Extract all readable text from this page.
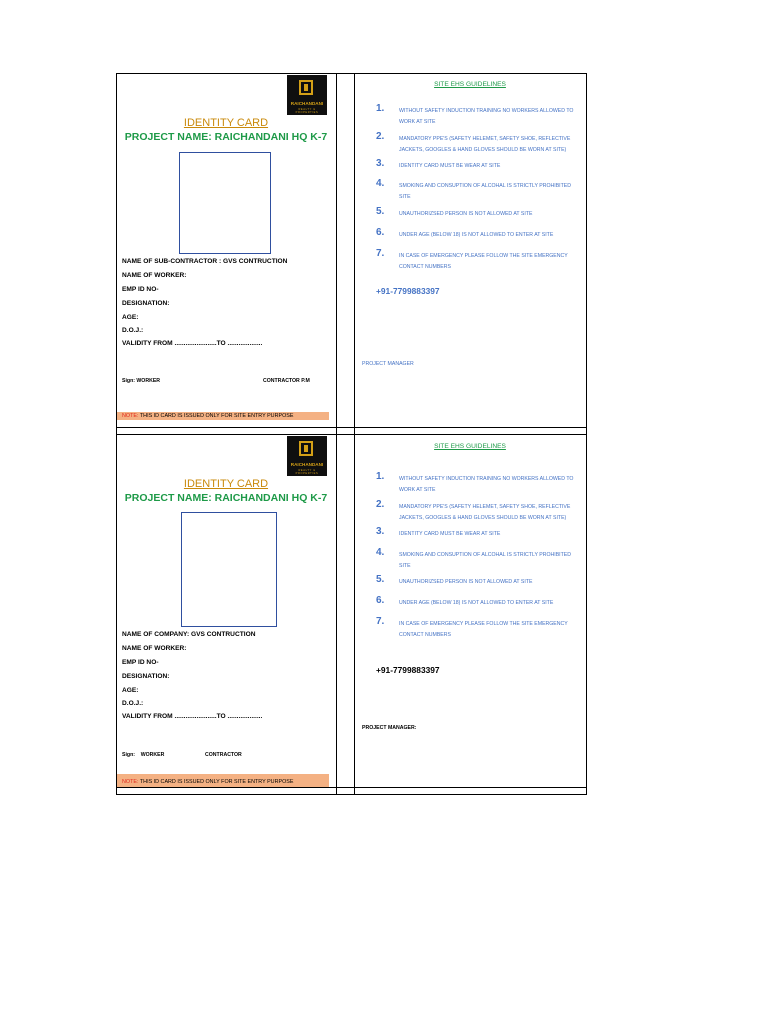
RAICHANDANI
REALTY & PROPERTIES
IDENTITY CARD
PROJECT NAME: RAICHANDANI HQ K-7
NAME OF SUB-CONTRACTOR : GVS CONTRUCTION
NAME OF WORKER:
EMP ID NO-
DESIGNATION:
AGE:
D.O.J.:
VALIDITY FROM .......................TO ...................
Sign: WORKER	CONTRACTOR P.M
NOTE: THIS ID CARD IS ISSUED ONLY FOR SITE ENTRY PURPOSE
SITE EHS GUIDELINES
1.	WITHOUT SAFETY INDUCTION TRAINING NO WORKERS ALLOWED TO
WORK AT SITE
2.	MANDATORY PPE'S (SAFETY HELEMET, SAFETY SHOE, REFLECTIVE
JACKETS, GOOGLES & HAND GLOVES SHOULD BE WORN AT SITE)
3.	IDENTITY CARD MUST BE WEAR AT SITE
4.	SMOKING AND CONSUPTION OF ALCOHAL IS STRICTLY PROHIBITED
SITE
5.	UNAUTHORIZSED PERSON IS NOT ALLOWED AT SITE
6.	UNDER AGE (BELOW 18) IS NOT ALLOWED TO ENTER AT SITE
7.	IN CASE OF EMERGENCY PLEASE FOLLOW THE SITE EMERGENCY
CONTACT NUMBERS
+91-7799883397
PROJECT MANAGER
RAICHANDANI
REALTY & PROPERTIES
IDENTITY CARD
PROJECT NAME: RAICHANDANI HQ K-7
NAME OF COMPANY: GVS CONTRUCTION
NAME OF WORKER:
EMP ID NO-
DESIGNATION:
AGE:
D.O.J.:
VALIDITY FROM .......................TO ...................
Sign:    WORKER	CONTRACTOR
NOTE: THIS ID CARD IS ISSUED ONLY FOR SITE ENTRY PURPOSE
SITE EHS GUIDELINES
1.	WITHOUT SAFETY INDUCTION TRAINING NO WORKERS ALLOWED TO
WORK AT SITE
2.	MANDATORY PPE'S (SAFETY HELEMET, SAFETY SHOE, REFLECTIVE
JACKETS, GOOGLES & HAND GLOVES SHOULD BE WORN AT SITE)
3.	IDENTITY CARD MUST BE WEAR AT SITE
4.	SMOKING AND CONSUPTION OF ALCOHAL IS STRICTLY PROHIBITED
SITE
5.	UNAUTHORIZSED PERSON IS NOT ALLOWED AT SITE
6.	UNDER AGE (BELOW 18) IS NOT ALLOWED TO ENTER AT SITE
7.	IN CASE OF EMERGENCY PLEASE FOLLOW THE SITE EMERGENCY
CONTACT NUMBERS
+91-7799883397
PROJECT MANAGER:
